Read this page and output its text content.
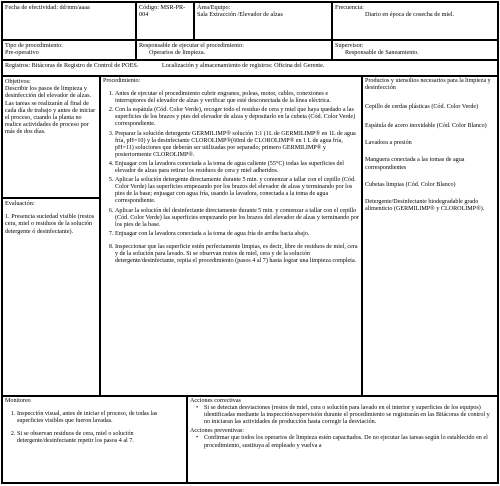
Fecha de efectividad: dd/mm/aaaa	Código: MSR-PR-004
Área/Equipo:
Sala Extracción /Elevador de alzas
Frecuencia:
Diario en época de cosecha de miel.
Tipo de procedimiento:
Pre-operativo
Responsable de ejecutar el procedimiento:
Operarios de limpieza.
Supervisor:
Responsable de Saneamiento.
Registros: Bitácoras de Registro de Control de POES.	Localización y almacenamiento de registros: Oficina del Gerente.
Objetivos:
Describir los pasos de limpieza y desinfección del elevador de alzas. Las tareas se realizarán al final de cada día de trabajo y antes de iniciar el proceso, cuando la planta no realice actividades de proceso por más de dos días.
Evaluación:
1. Presencia suciedad visible (restos cera, miel o residuos de la solución detergente ó desinfectante).
Procedimiento:
1. Antes de ejecutar el procedimiento cubrir engranes, poleas, motor, cables, conexiones e interruptores del elevador de alzas y verificar que esté desconectada de la línea eléctrica.
2. Con la espátula (Cód. Color Verde), recoger todo el residuo de cera y miel que haya quedado a las superficies de los brazos y pies del elevador de alzas y depositarlo en la cubeta (Cód. Color Verde) correspondiente.
3. Preparar la solución detergente GERMILIMP® solución 1:1 (1L de GERMILIMP® en 1L de agua fría, pH=10) y la desinfectante CLOROLIMP®(60ml de CLOROLIMP® en 1 L de agua fría, pH=11) soluciones que deberán ser utilizadas por separado; primero GERMILIMP® y posteriormente CLOROLIMP®.
4. Enjuagar con la lavadora conectada a la toma de agua caliente (55°C) todas las superficies del elevador de alzas para retirar los residuos de cera y miel adheridos.
5. Aplicar la solución detergente directamente durante 5 min. y comenzar a tallar con el cepillo (Cód. Color Verde) las superficies empezando por los brazos del elevador de alzas y terminando por los pies de la base; enjuagar con agua fría, usando la lavadora, conectada a la toma de agua correspondiente.
6. Aplicar la solución del desinfectante directamente durante 5 min. y comenzar a tallar con el cepillo (Cód. Color Verde) las superficies empezando por los brazos del elevador de alzas y terminando por los pies de la base.
7. Enjuagar con la lavadora conectada a la toma de agua fría de arriba hacia abajo.
8. Inspeccionar que las superficie estén perfectamente limpias, es decir, libre de residuos de miel, cera y de la solución para lavado. Si se observan restos de miel, cera y de la solución detergente/desinfectante, repita el procedimiento (pasos 4 al 7) hasta lograr una limpieza completa.
Productos y utensilios necesarios para la limpieza y desinfección
Cepillo de cerdas plásticas (Cód. Color Verde)
Espátula de acero inoxidable (Cód. Color Blanco)
Lavadora a presión
Manguera conectada a las tomas de agua correspondientes
Cubetas limpias (Cód. Color Blanco)
Detergente/Desinfectante biodegradable grado alimenticio (GERMILIMP® y CLOROLIMP®).
Monitoreo
1. Inspección visual, antes de iniciar el proceso, de todas las superficies visibles que fueron lavadas.
2. Si se observan residuos de cera, miel o solución detergente/desinfectante repetir los pasos 4 al 7.
Acciones correctivas
• Si se detectan desviaciones (restos de miel, cera o solución para lavado en el interior y superficies de los equipos) identificadas mediante la inspección/supervisión durante el procedimiento se registrarán en las Bitácoras de control y no iniciaran las actividades de producción hasta corregir la desviación.
Acciones preventivas:
• Confirmar que todos los operarios de limpieza estén capacitados. De no ejecutar las tareas según lo establecido en el procedimiento, sustituya al empleado y vuelva a
